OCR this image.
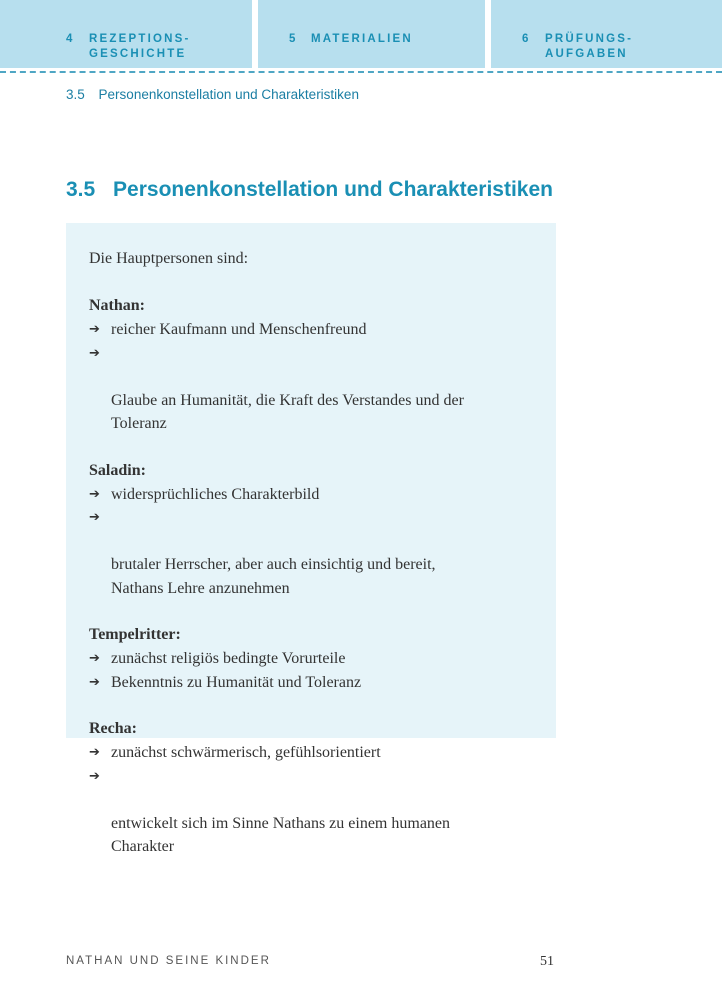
4 REZEPTIONS-
GESCHICHTE
5 MATERIALIEN	6 PRÜFUNGS-
AUFGABEN
3.5 Personenkonstellation und Charakteristiken
3.5 Personenkonstellation und Charakteristiken
Die Hauptpersonen sind:
Nathan:
➔ reicher Kaufmann und Menschenfreund

➔

Glaube an Humanität, die Kraft des Verstandes und der
Toleranz

Saladin:
➔ widersprüchliches Charakterbild

➔

brutaler Herrscher, aber auch einsichtig und bereit,
Nathans Lehre anzunehmen

Tempelritter:
➔ zunächst religiös bedingte Vorurteile
➔ Bekenntnis zu Humanität und Toleranz
Recha:
➔ zunächst schwärmerisch, gefühlsorientiert

➔

entwickelt sich im Sinne Nathans zu einem humanen
Charakter

NATHAN UND SEINE KINDER	51
